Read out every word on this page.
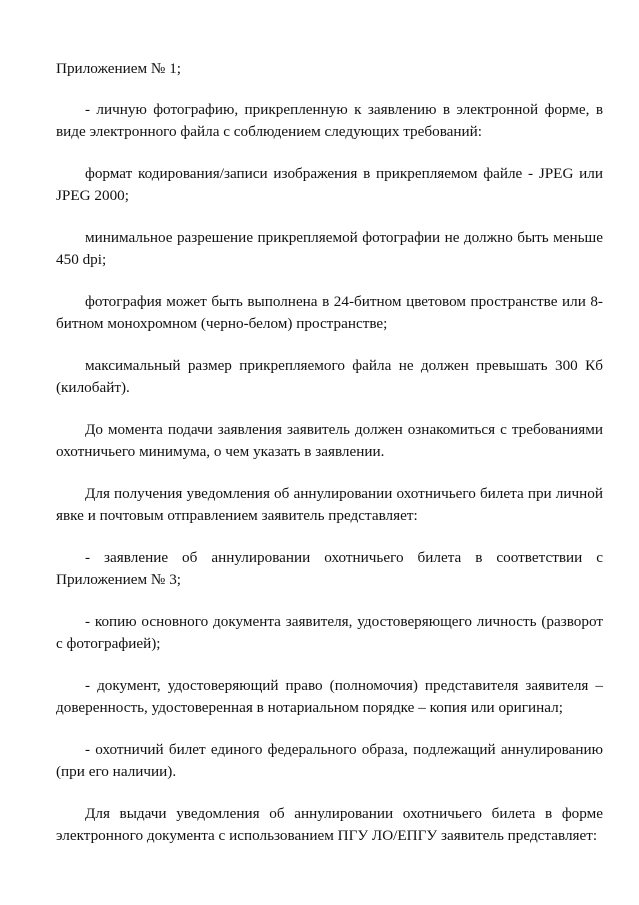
Приложением № 1;

- личную фотографию, прикрепленную к заявлению в электронной форме, в виде электронного файла с соблюдением следующих требований:

формат кодирования/записи изображения в прикрепляемом файле - JPEG или JPEG 2000;

минимальное разрешение прикрепляемой фотографии не должно быть меньше 450 dpi;

фотография может быть выполнена в 24-битном цветовом пространстве или 8-битном монохромном (черно-белом) пространстве;

максимальный размер прикрепляемого файла не должен превышать 300 Кб (килобайт).

До момента подачи заявления заявитель должен ознакомиться с требованиями охотничьего минимума, о чем указать в заявлении.

Для получения уведомления об аннулировании охотничьего билета при личной явке и почтовым отправлением заявитель представляет:

- заявление об аннулировании охотничьего билета в соответствии с Приложением № 3;

- копию основного документа заявителя, удостоверяющего личность (разворот с фотографией);

- документ, удостоверяющий право (полномочия) представителя заявителя – доверенность, удостоверенная в нотариальном порядке – копия или оригинал;

- охотничий билет единого федерального образа, подлежащий аннулированию (при его наличии).

Для выдачи уведомления об аннулировании охотничьего билета в форме электронного документа с использованием ПГУ ЛО/ЕПГУ заявитель представляет:
